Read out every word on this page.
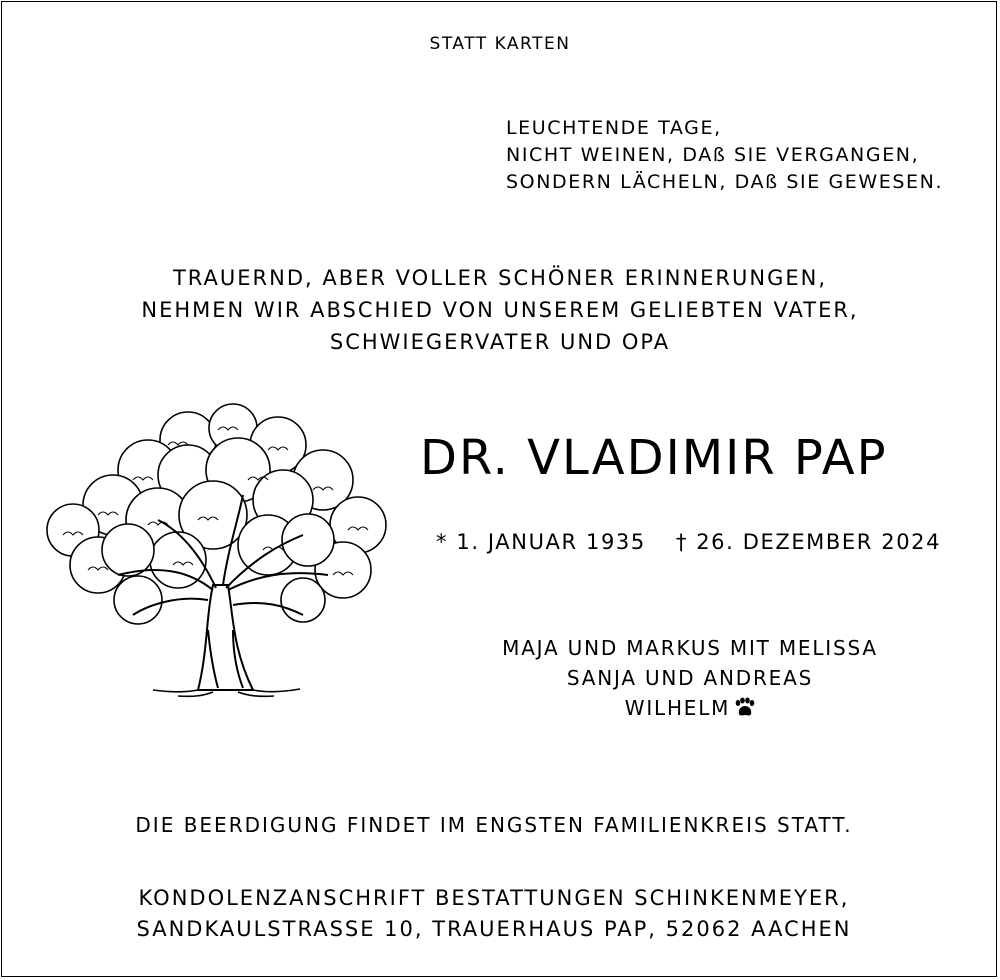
STATT KARTEN
LEUCHTENDE TAGE,
NICHT WEINEN, DAß SIE VERGANGEN,
SONDERN LÄCHELN, DAß SIE GEWESEN.
TRAUERND, ABER VOLLER SCHÖNER ERINNERUNGEN,
NEHMEN WIR ABSCHIED VON UNSEREM GELIEBTEN VATER,
SCHWIEGERVATER UND OPA
DR. VLADIMIR PAP
* 1. JANUAR 1935 † 26. DEZEMBER 2024
MAJA UND MARKUS MIT MELISSA
SANJA UND ANDREAS
WILHELM
DIE BEERDIGUNG FINDET IM ENGSTEN FAMILIENKREIS STATT.
KONDOLENZANSCHRIFT BESTATTUNGEN SCHINKENMEYER,
SANDKAULSTRASSE 10, TRAUERHAUS PAP, 52062 AACHEN
